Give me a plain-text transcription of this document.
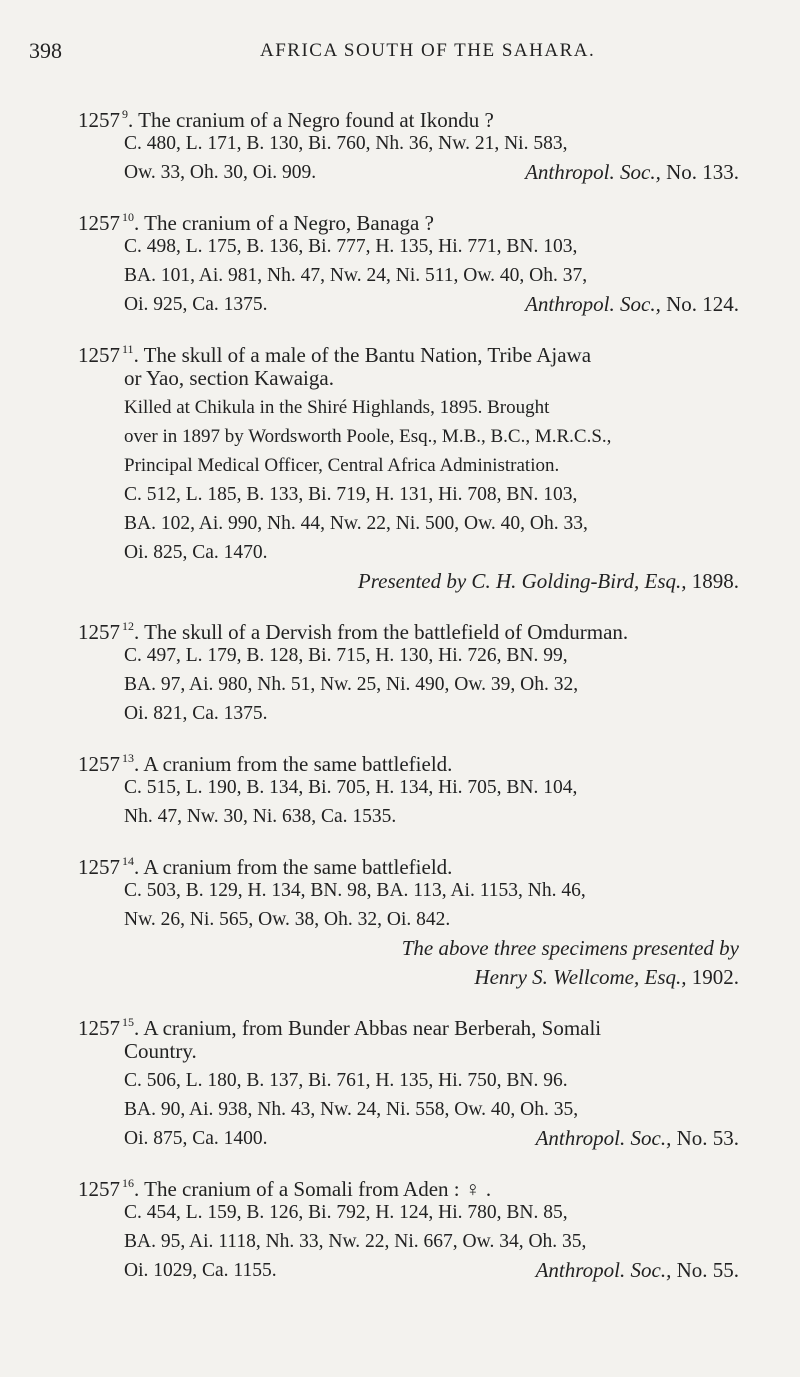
398	AFRICA SOUTH OF THE SAHARA.
1257 $^9$. The cranium of a Negro found at Ikondu ?
C. 480, L. 171, B. 130, Bi. 760, Nh. 36, Nw. 21, Ni. 583,
Ow. 33, Oh. 30, Oi. 909.	Anthropol. Soc., No. 133.
1257 $^{10}$. The cranium of a Negro, Banaga ?
C. 498, L. 175, B. 136, Bi. 777, H. 135, Hi. 771, BN. 103,
BA. 101, Ai. 981, Nh. 47, Nw. 24, Ni. 511, Ow. 40, Oh. 37,
Oi. 925, Ca. 1375.	Anthropol. Soc., No. 124.
1257 $^{11}$. The skull of a male of the Bantu Nation, Tribe Ajawa
or Yao, section Kawaiga.
Killed at Chikula in the Shiré Highlands, 1895. Brought
over in 1897 by Wordsworth Poole, Esq., M.B., B.C., M.R.C.S.,
Principal Medical Officer, Central Africa Administration.
C. 512, L. 185, B. 133, Bi. 719, H. 131, Hi. 708, BN. 103,
BA. 102, Ai. 990, Nh. 44, Nw. 22, Ni. 500, Ow. 40, Oh. 33,
Oi. 825, Ca. 1470.
Presented by C. H. Golding-Bird, Esq., 1898.
1257 $^{12}$. The skull of a Dervish from the battlefield of Omdurman.
C. 497, L. 179, B. 128, Bi. 715, H. 130, Hi. 726, BN. 99,
BA. 97, Ai. 980, Nh. 51, Nw. 25, Ni. 490, Ow. 39, Oh. 32,
Oi. 821, Ca. 1375.
1257 $^{13}$. A cranium from the same battlefield.
C. 515, L. 190, B. 134, Bi. 705, H. 134, Hi. 705, BN. 104,
Nh. 47, Nw. 30, Ni. 638, Ca. 1535.
1257 $^{14}$. A cranium from the same battlefield.
C. 503, B. 129, H. 134, BN. 98, BA. 113, Ai. 1153, Nh. 46,
Nw. 26, Ni. 565, Ow. 38, Oh. 32, Oi. 842.
The above three specimens presented by
Henry S. Wellcome, Esq., 1902.
1257 $^{15}$. A cranium, from Bunder Abbas near Berberah, Somali
Country.
C. 506, L. 180, B. 137, Bi. 761, H. 135, Hi. 750, BN. 96.
BA. 90, Ai. 938, Nh. 43, Nw. 24, Ni. 558, Ow. 40, Oh. 35,
Oi. 875, Ca. 1400.	Anthropol. Soc., No. 53.
1257 $^{16}$. The cranium of a Somali from Aden : ♀ .
C. 454, L. 159, B. 126, Bi. 792, H. 124, Hi. 780, BN. 85,
BA. 95, Ai. 1118, Nh. 33, Nw. 22, Ni. 667, Ow. 34, Oh. 35,
Oi. 1029, Ca. 1155.	Anthropol. Soc., No. 55.
